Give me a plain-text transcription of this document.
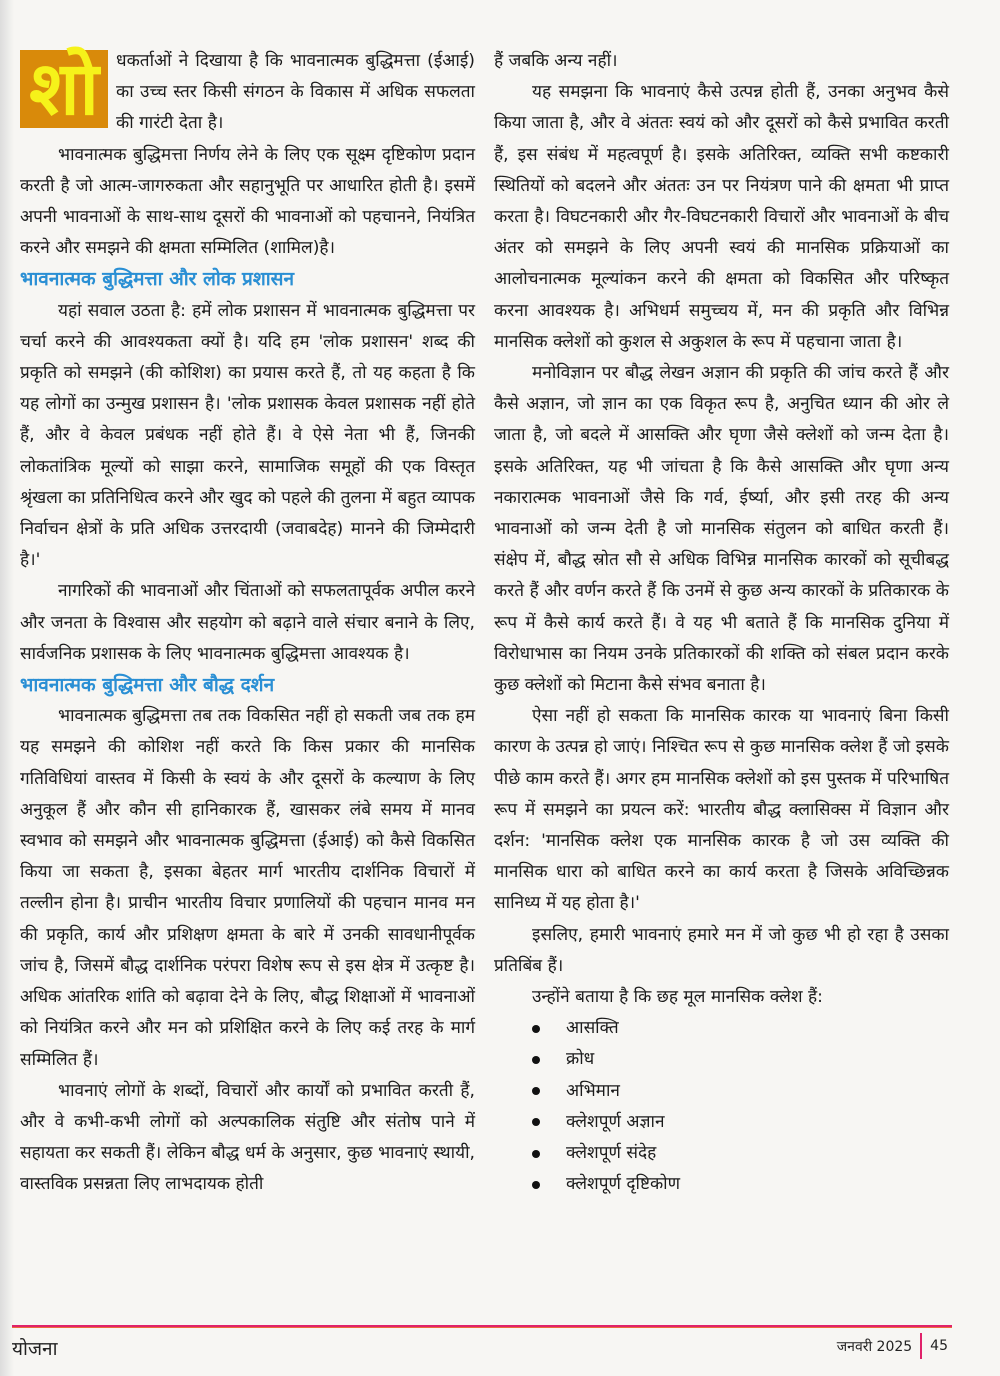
शो	धकर्ताओं ने दिखाया है कि भावनात्मक बुद्धिमत्ता (ईआई) का उच्च स्तर किसी संगठन के विकास में अधिक सफलता की गारंटी देता है।

भावनात्मक बुद्धिमत्ता निर्णय लेने के लिए एक सूक्ष्म दृष्टिकोण प्रदान करती है जो आत्म-जागरुकता और सहानुभूति पर आधारित होती है। इसमें अपनी भावनाओं के साथ-साथ दूसरों की भावनाओं को पहचानने, नियंत्रित करने और समझने की क्षमता सम्मिलित (शामिल)है।

भावनात्मक बुद्धिमत्ता और लोक प्रशासन

यहां सवाल उठता है: हमें लोक प्रशासन में भावनात्मक बुद्धिमत्ता पर चर्चा करने की आवश्यकता क्यों है। यदि हम 'लोक प्रशासन' शब्द की प्रकृति को समझने (की कोशिश) का प्रयास करते हैं, तो यह कहता है कि यह लोगों का उन्मुख प्रशासन है। 'लोक प्रशासक केवल प्रशासक नहीं होते हैं, और वे केवल प्रबंधक नहीं होते हैं। वे ऐसे नेता भी हैं, जिनकी लोकतांत्रिक मूल्यों को साझा करने, सामाजिक समूहों की एक विस्तृत श्रृंखला का प्रतिनिधित्व करने और खुद को पहले की तुलना में बहुत व्यापक निर्वाचन क्षेत्रों के प्रति अधिक उत्तरदायी (जवाबदेह) मानने की जिम्मेदारी है।'

नागरिकों की भावनाओं और चिंताओं को सफलतापूर्वक अपील करने और जनता के विश्वास और सहयोग को बढ़ाने वाले संचार बनाने के लिए, सार्वजनिक प्रशासक के लिए भावनात्मक बुद्धिमत्ता आवश्यक है।

भावनात्मक बुद्धिमत्ता और बौद्ध दर्शन

भावनात्मक बुद्धिमत्ता तब तक विकसित नहीं हो सकती जब तक हम यह समझने की कोशिश नहीं करते कि किस प्रकार की मानसिक गतिविधियां वास्तव में किसी के स्वयं के और दूसरों के कल्याण के लिए अनुकूल हैं और कौन सी हानिकारक हैं, खासकर लंबे समय में मानव स्वभाव को समझने और भावनात्मक बुद्धिमत्ता (ईआई) को कैसे विकसित किया जा सकता है, इसका बेहतर मार्ग भारतीय दार्शनिक विचारों में तल्लीन होना है। प्राचीन भारतीय विचार प्रणालियों की पहचान मानव मन की प्रकृति, कार्य और प्रशिक्षण क्षमता के बारे में उनकी सावधानीपूर्वक जांच है, जिसमें बौद्ध दार्शनिक परंपरा विशेष रूप से इस क्षेत्र में उत्कृष्ट है। अधिक आंतरिक शांति को बढ़ावा देने के लिए, बौद्ध शिक्षाओं में भावनाओं को नियंत्रित करने और मन को प्रशिक्षित करने के लिए कई तरह के मार्ग सम्मिलित हैं।

भावनाएं लोगों के शब्दों, विचारों और कार्यों को प्रभावित करती हैं, और वे कभी-कभी लोगों को अल्पकालिक संतुष्टि और संतोष पाने में सहायता कर सकती हैं। लेकिन बौद्ध धर्म के अनुसार, कुछ भावनाएं स्थायी, वास्तविक प्रसन्नता लिए लाभदायक होती

हैं जबकि अन्य नहीं।

यह समझना कि भावनाएं कैसे उत्पन्न होती हैं, उनका अनुभव कैसे किया जाता है, और वे अंततः स्वयं को और दूसरों को कैसे प्रभावित करती हैं, इस संबंध में महत्वपूर्ण है। इसके अतिरिक्त, व्यक्ति सभी कष्टकारी स्थितियों को बदलने और अंततः उन पर नियंत्रण पाने की क्षमता भी प्राप्त करता है। विघटनकारी और गैर-विघटनकारी विचारों और भावनाओं के बीच अंतर को समझने के लिए अपनी स्वयं की मानसिक प्रक्रियाओं का आलोचनात्मक मूल्यांकन करने की क्षमता को विकसित और परिष्कृत करना आवश्यक है। अभिधर्म समुच्चय में, मन की प्रकृति और विभिन्न मानसिक क्लेशों को कुशल से अकुशल के रूप में पहचाना जाता है।

मनोविज्ञान पर बौद्ध लेखन अज्ञान की प्रकृति की जांच करते हैं और कैसे अज्ञान, जो ज्ञान का एक विकृत रूप है, अनुचित ध्यान की ओर ले जाता है, जो बदले में आसक्ति और घृणा जैसे क्लेशों को जन्म देता है। इसके अतिरिक्त, यह भी जांचता है कि कैसे आसक्ति और घृणा अन्य नकारात्मक भावनाओं जैसे कि गर्व, ईर्ष्या, और इसी तरह की अन्य भावनाओं को जन्म देती है जो मानसिक संतुलन को बाधित करती हैं। संक्षेप में, बौद्ध स्रोत सौ से अधिक विभिन्न मानसिक कारकों को सूचीबद्ध करते हैं और वर्णन करते हैं कि उनमें से कुछ अन्य कारकों के प्रतिकारक के रूप में कैसे कार्य करते हैं। वे यह भी बताते हैं कि मानसिक दुनिया में विरोधाभास का नियम उनके प्रतिकारकों की शक्ति को संबल प्रदान करके कुछ क्लेशों को मिटाना कैसे संभव बनाता है।

ऐसा नहीं हो सकता कि मानसिक कारक या भावनाएं बिना किसी कारण के उत्पन्न हो जाएं। निश्चित रूप से कुछ मानसिक क्लेश हैं जो इसके पीछे काम करते हैं। अगर हम मानसिक क्लेशों को इस पुस्तक में परिभाषित रूप में समझने का प्रयत्न करें: भारतीय बौद्ध क्लासिक्स में विज्ञान और दर्शन: 'मानसिक क्लेश एक मानसिक कारक है जो उस व्यक्ति की मानसिक धारा को बाधित करने का कार्य करता है जिसके अविच्छिन्नक सानिध्य में यह होता है।'

इसलिए, हमारी भावनाएं हमारे मन में जो कुछ भी हो रहा है उसका प्रतिबिंब हैं।

उन्होंने बताया है कि छह मूल मानसिक क्लेश हैं:

आसक्ति
क्रोध
अभिमान
क्लेशपूर्ण अज्ञान
क्लेशपूर्ण संदेह
क्लेशपूर्ण दृष्टिकोण
योजना	जनवरी 2025 45
